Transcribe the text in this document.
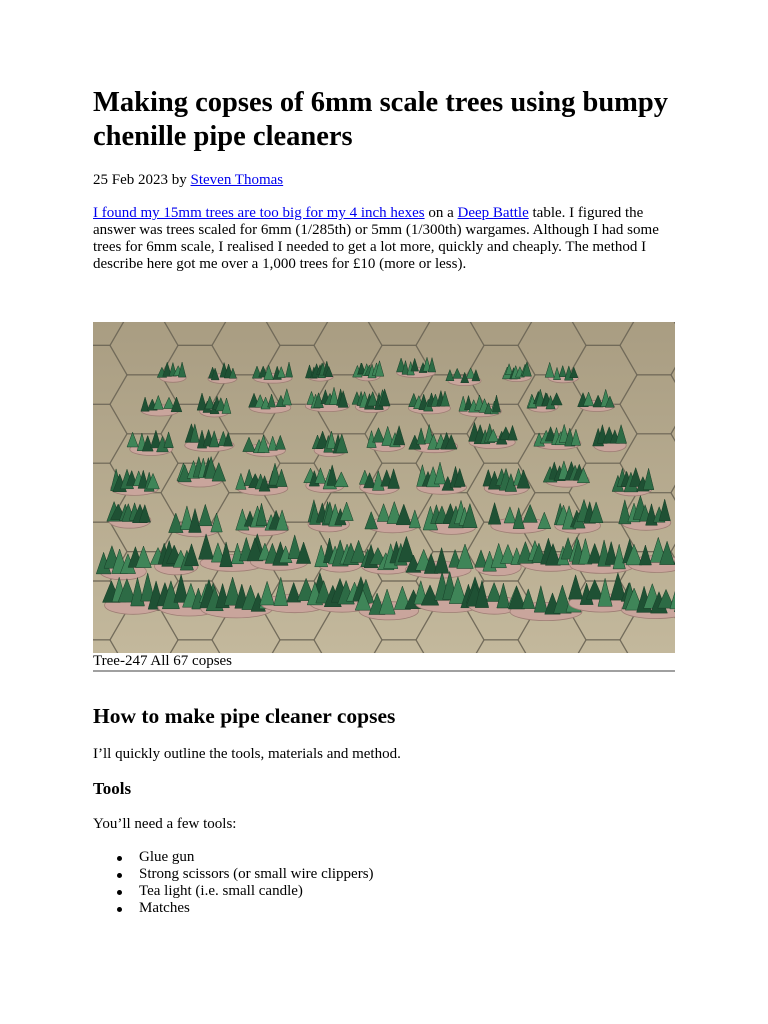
Making copses of 6mm scale trees using bumpy chenille pipe cleaners

25 Feb 2023 by Steven Thomas

I found my 15mm trees are too big for my 4 inch hexes on a Deep Battle table. I figured the answer was trees scaled for 6mm (1/285th) or 5mm (1/300th) wargames. Although I had some trees for 6mm scale, I realised I needed to get a lot more, quickly and cheaply. The method I describe here got me over a 1,000 trees for £10 (more or less).

Tree-247 All 67 copses
How to make pipe cleaner copses

I’ll quickly outline the tools, materials and method.

Tools

You’ll need a few tools:

Glue gun
Strong scissors (or small wire clippers)
Tea light (i.e. small candle)
Matches
